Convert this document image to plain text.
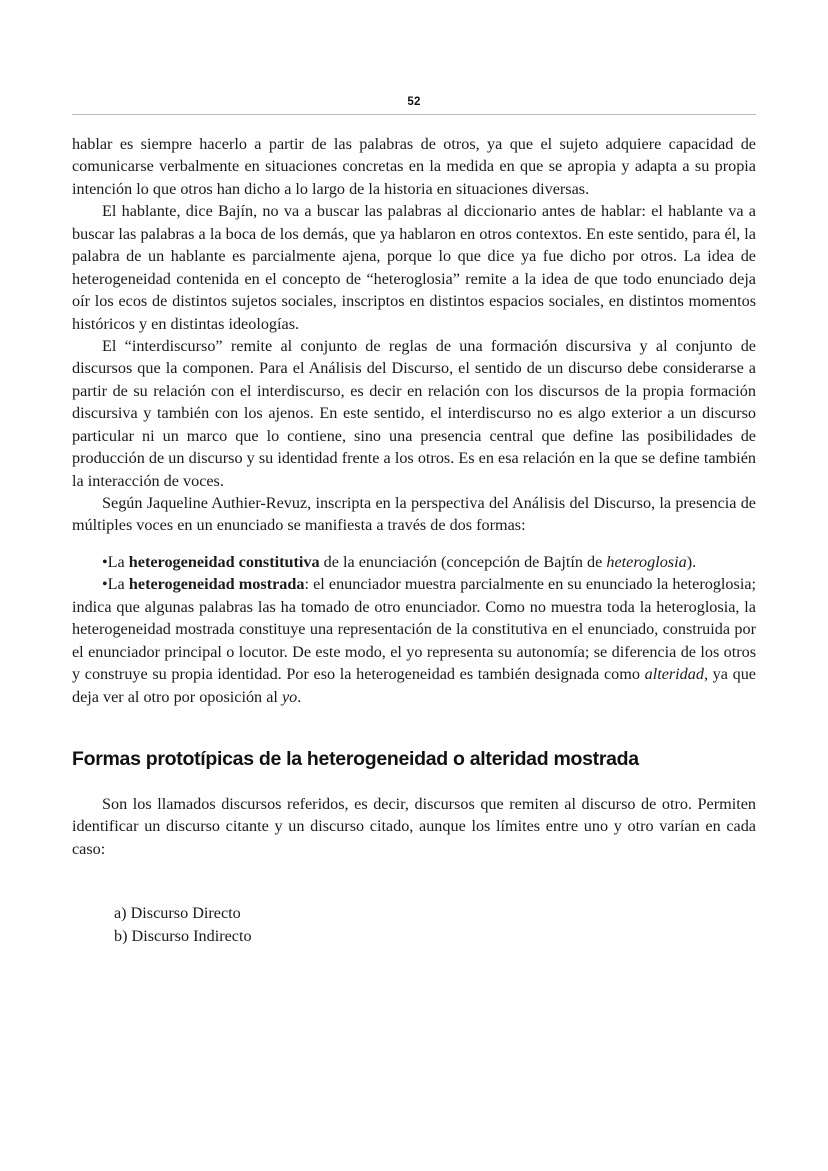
52

hablar es siempre hacerlo a partir de las palabras de otros, ya que el sujeto adquiere capacidad de comunicarse verbalmente en situaciones concretas en la medida en que se apropia y adapta a su propia intención lo que otros han dicho a lo largo de la historia en situaciones diversas.

El hablante, dice Bajín, no va a buscar las palabras al diccionario antes de hablar: el hablante va a buscar las palabras a la boca de los demás, que ya hablaron en otros contextos. En este sentido, para él, la palabra de un hablante es parcialmente ajena, porque lo que dice ya fue dicho por otros. La idea de heterogeneidad contenida en el concepto de “heteroglosia” remite a la idea de que todo enunciado deja oír los ecos de distintos sujetos sociales, inscriptos en distintos espacios sociales, en distintos momentos históricos y en distintas ideologías.

El “interdiscurso” remite al conjunto de reglas de una formación discursiva y al conjunto de discursos que la componen. Para el Análisis del Discurso, el sentido de un discurso debe considerarse a partir de su relación con el interdiscurso, es decir en relación con los discursos de la propia formación discursiva y también con los ajenos. En este sentido, el interdiscurso no es algo exterior a un discurso particular ni un marco que lo contiene, sino una presencia central que define las posibilidades de producción de un discurso y su identidad frente a los otros. Es en esa relación en la que se define también la interacción de voces.

Según Jaqueline Authier-Revuz, inscripta en la perspectiva del Análisis del Discurso, la presencia de múltiples voces en un enunciado se manifiesta a través de dos formas:

•La heterogeneidad constitutiva de la enunciación (concepción de Bajtín de heteroglosia).

•La heterogeneidad mostrada: el enunciador muestra parcialmente en su enunciado la heteroglosia; indica que algunas palabras las ha tomado de otro enunciador. Como no muestra toda la heteroglosia, la heterogeneidad mostrada constituye una representación de la constitutiva en el enunciado, construida por el enunciador principal o locutor. De este modo, el yo representa su autonomía; se diferencia de los otros y construye su propia identidad. Por eso la heterogeneidad es también designada como alteridad, ya que deja ver al otro por oposición al yo.

Formas prototípicas de la heterogeneidad o alteridad mostrada

Son los llamados discursos referidos, es decir, discursos que remiten al discurso de otro. Permiten identificar un discurso citante y un discurso citado, aunque los límites entre uno y otro varían en cada caso:

a) Discurso Directo

b) Discurso Indirecto
